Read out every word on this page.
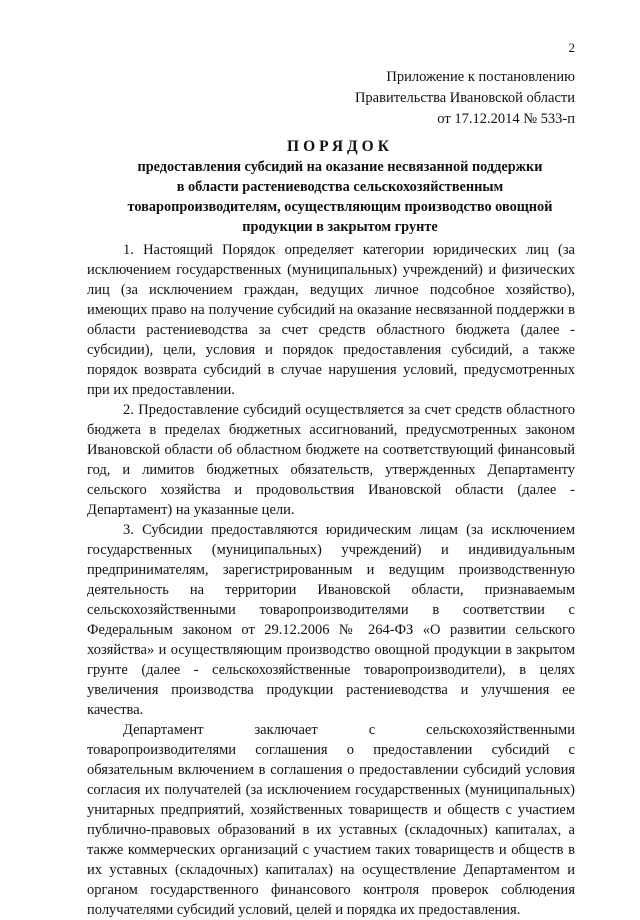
2
Приложение к постановлению
Правительства Ивановской области
от 17.12.2014 № 533-п
ПОРЯДОК
предоставления субсидий на оказание несвязанной поддержки
в области растениеводства сельскохозяйственным
товаропроизводителям, осуществляющим производство овощной
продукции в закрытом грунте

1. Настоящий Порядок определяет категории юридических лиц (за исключением государственных (муниципальных) учреждений) и физических лиц (за исключением граждан, ведущих личное подсобное хозяйство), имеющих право на получение субсидий на оказание несвязанной поддержки в области растениеводства за счет средств областного бюджета (далее - субсидии), цели, условия и порядок предоставления субсидий, а также порядок возврата субсидий в случае нарушения условий, предусмотренных при их предоставлении.

2. Предоставление субсидий осуществляется за счет средств областного бюджета в пределах бюджетных ассигнований, предусмотренных законом Ивановской области об областном бюджете на соответствующий финансовый год, и лимитов бюджетных обязательств, утвержденных Департаменту сельского хозяйства и продовольствия Ивановской области (далее - Департамент) на указанные цели.

3. Субсидии предоставляются юридическим лицам (за исключением государственных (муниципальных) учреждений) и индивидуальным предпринимателям, зарегистрированным и ведущим производственную деятельность на территории Ивановской области, признаваемым сельскохозяйственными товаропроизводителями в соответствии с Федеральным законом от 29.12.2006 № 264-ФЗ «О развитии сельского хозяйства» и осуществляющим производство овощной продукции в закрытом грунте (далее - сельскохозяйственные товаропроизводители), в целях увеличения производства продукции растениеводства и улучшения ее качества.

Департамент заключает с сельскохозяйственными товаропроизводителями соглашения о предоставлении субсидий с обязательным включением в соглашения о предоставлении субсидий условия согласия их получателей (за исключением государственных (муниципальных) унитарных предприятий, хозяйственных товариществ и обществ с участием публично-правовых образований в их уставных (складочных) капиталах, а также коммерческих организаций с участием таких товариществ и обществ в их уставных (складочных) капиталах) на осуществление Департаментом и органом государственного финансового контроля проверок соблюдения получателями субсидий условий, целей и порядка их предоставления.
